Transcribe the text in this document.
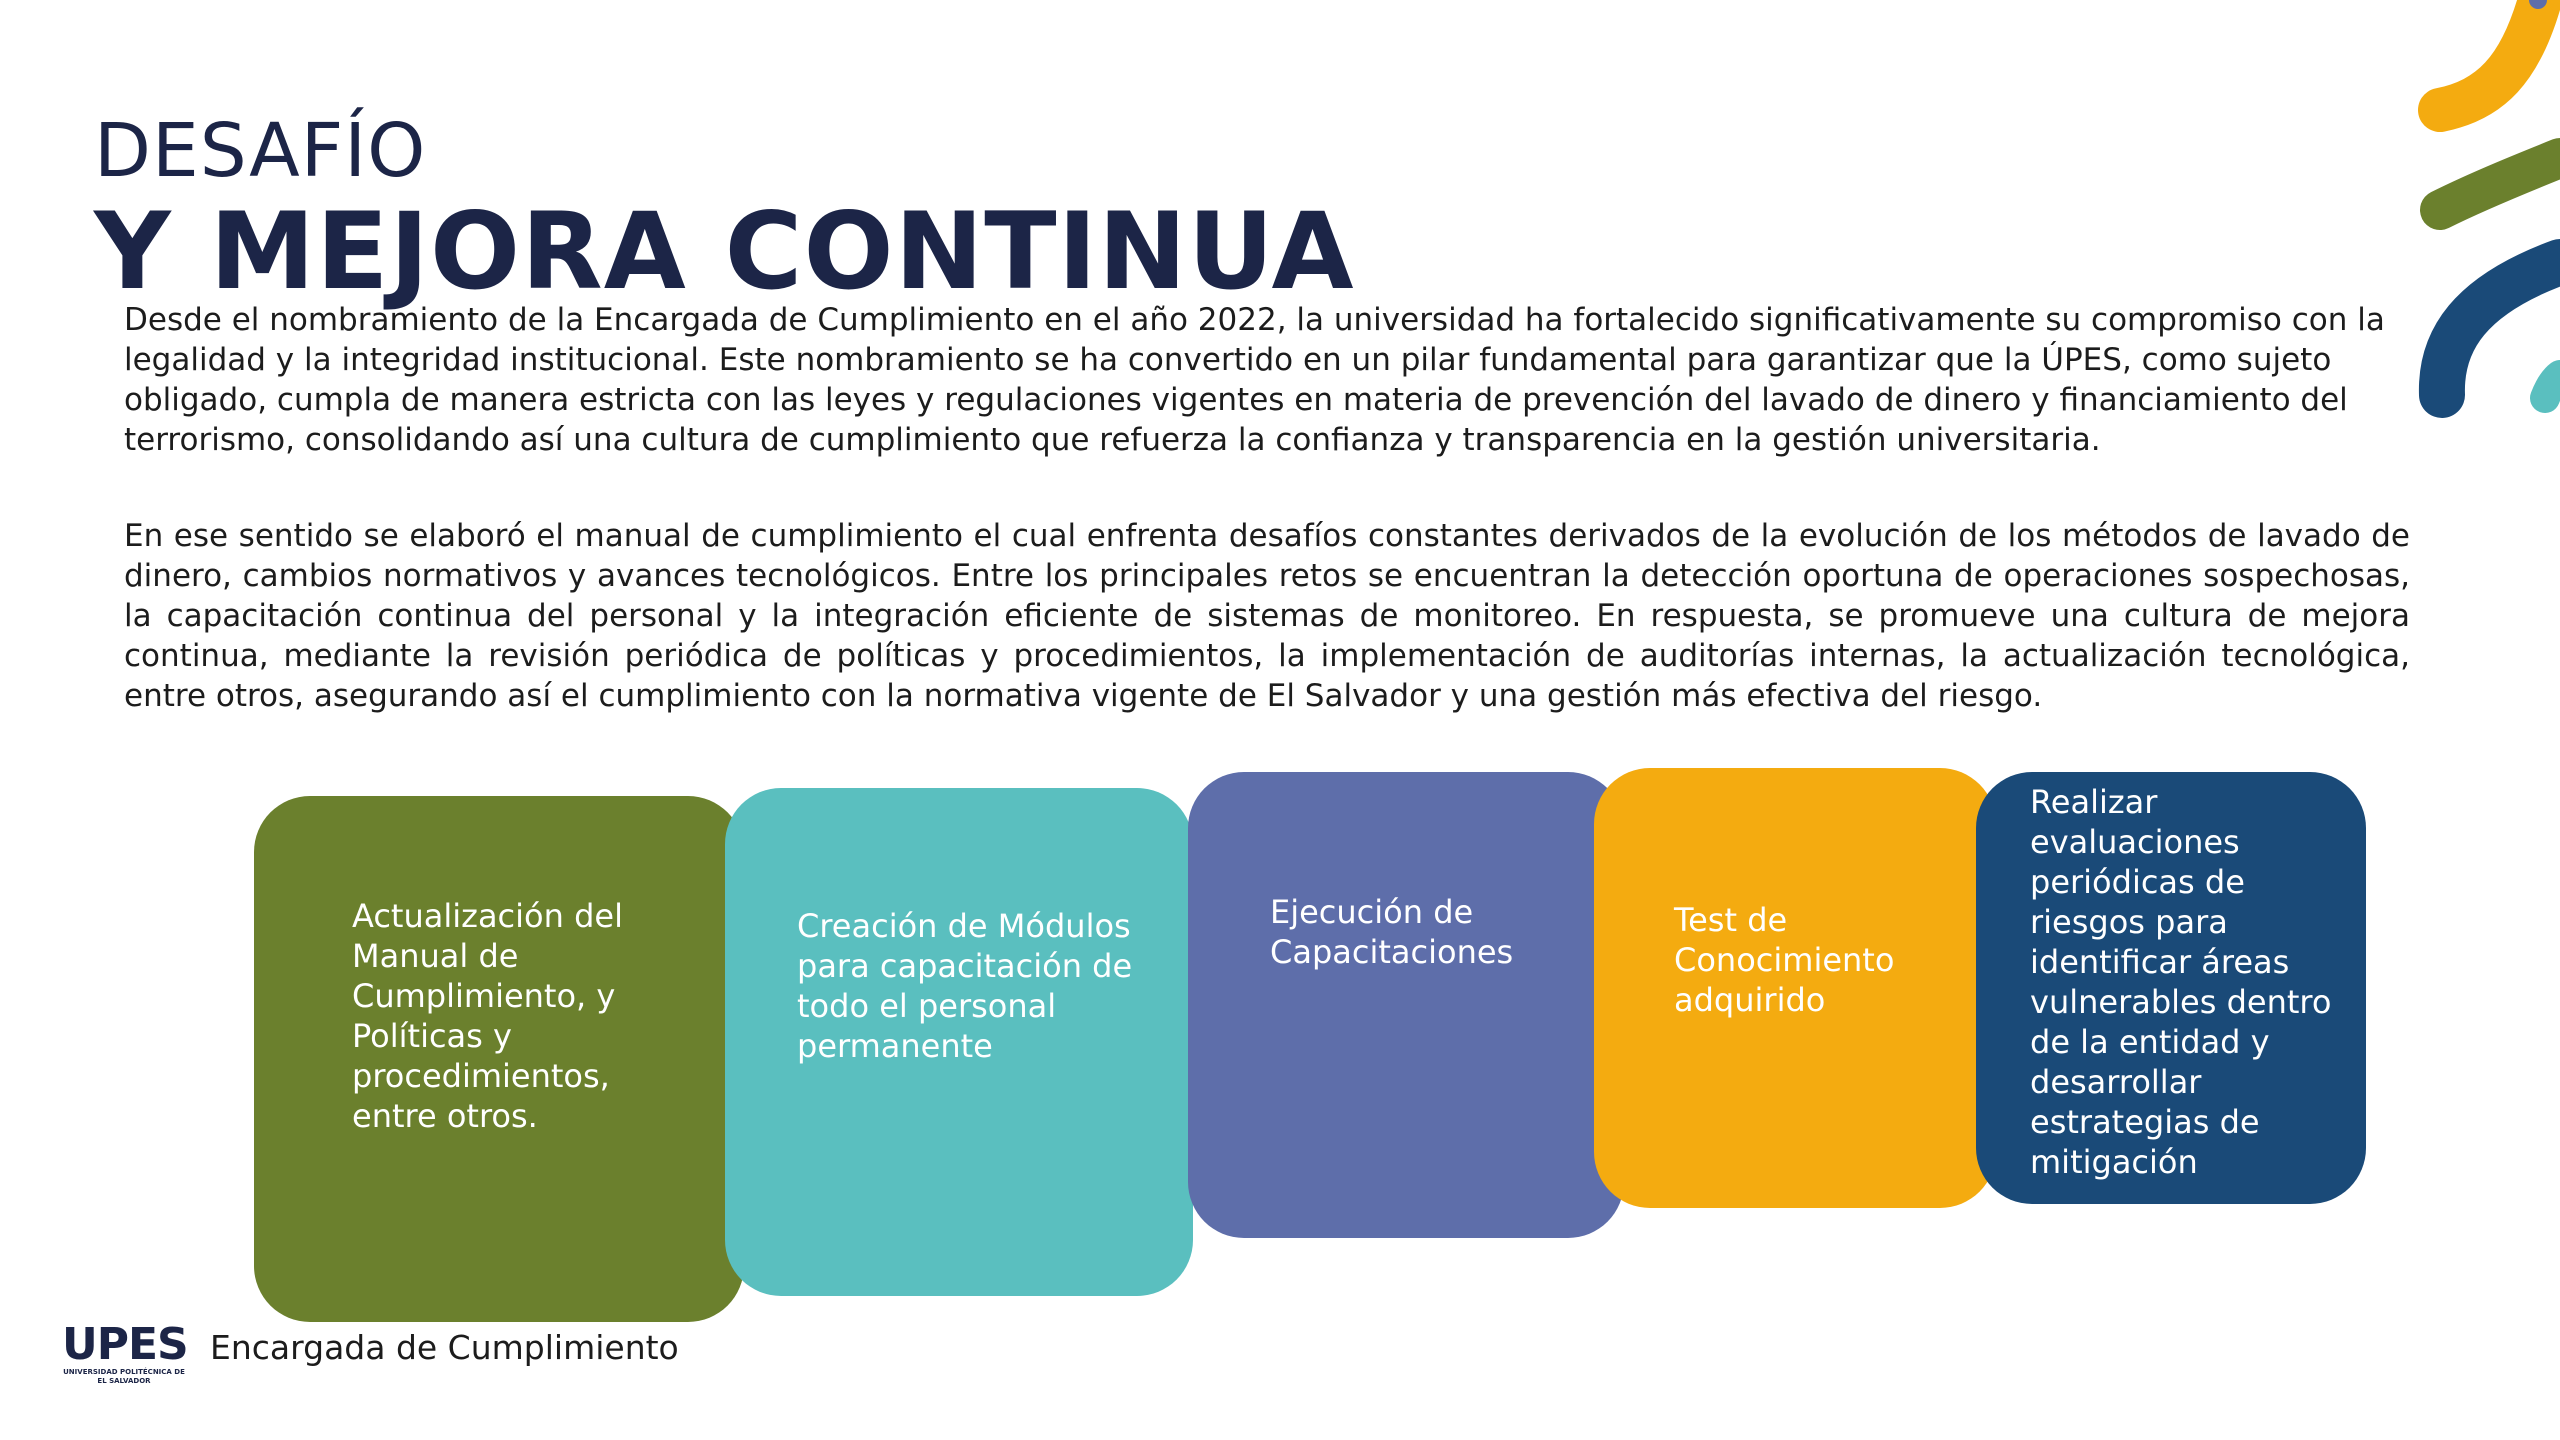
DESAFÍO
Y MEJORA CONTINUA

Desde el nombramiento de la Encargada de Cumplimiento en el año 2022, la universidad ha fortalecido significativamente su compromiso con la legalidad y la integridad institucional. Este nombramiento se ha convertido en un pilar fundamental para garantizar que la ÚPES, como sujeto obligado, cumpla de manera estricta con las leyes y regulaciones vigentes en materia de prevención del lavado de dinero y financiamiento del terrorismo, consolidando así una cultura de cumplimiento que refuerza la confianza y transparencia en la gestión universitaria.

En ese sentido se elaboró el manual de cumplimiento el cual enfrenta desafíos constantes derivados de la evolución de los métodos de lavado de dinero, cambios normativos y avances tecnológicos. Entre los principales retos se encuentran la detección oportuna de operaciones sospechosas, la capacitación continua del personal y la integración eficiente de sistemas de monitoreo. En respuesta, se promueve una cultura de mejora continua, mediante la revisión periódica de políticas y procedimientos, la implementación de auditorías internas, la actualización tecnológica, entre otros, asegurando así el cumplimiento con la normativa vigente de El Salvador y una gestión más efectiva del riesgo.

Actualización del Manual de Cumplimiento, y Políticas y procedimientos, entre otros.
Creación de Módulos para capacitación de todo el personal permanente
Ejecución de Capacitaciones
Test de Conocimiento adquirido
Realizar evaluaciones periódicas de riesgos para identificar áreas vulnerables dentro de la entidad y desarrollar estrategias de mitigación
UPES
UNIVERSIDAD POLITÉCNICA DE EL SALVADOR
Encargada de Cumplimiento
